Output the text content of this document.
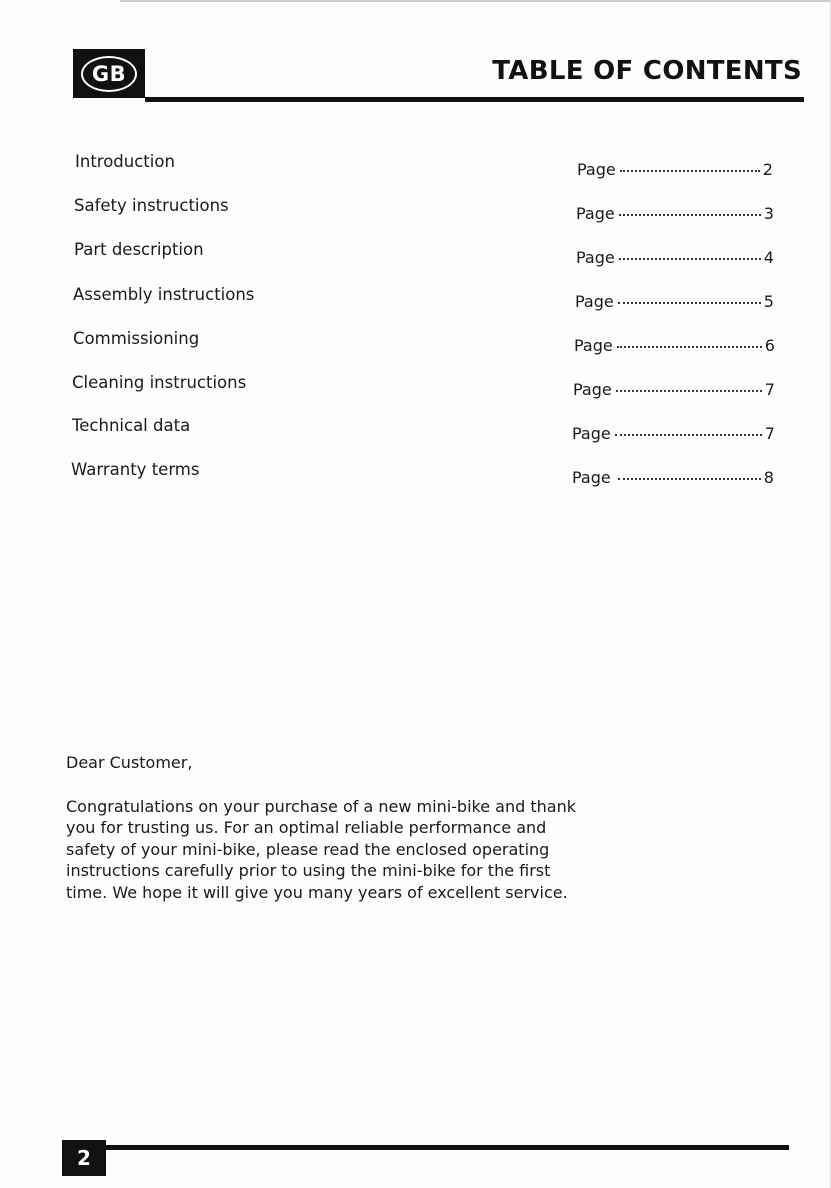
GB	TABLE OF CONTENTS
Introduction	Page	2
Safety instructions	Page	3
Part description	Page	4
Assembly instructions	Page	5
Commissioning	Page	6
Cleaning instructions	Page	7
Technical data	Page	7
Warranty terms	Page	8

Dear Customer,

Congratulations on your purchase of a new mini-bike and thank you for trusting us. For an optimal reliable performance and safety of your mini-bike, please read the enclosed operating instructions carefully prior to using the mini-bike for the first time. We hope it will give you many years of excellent service.

2
